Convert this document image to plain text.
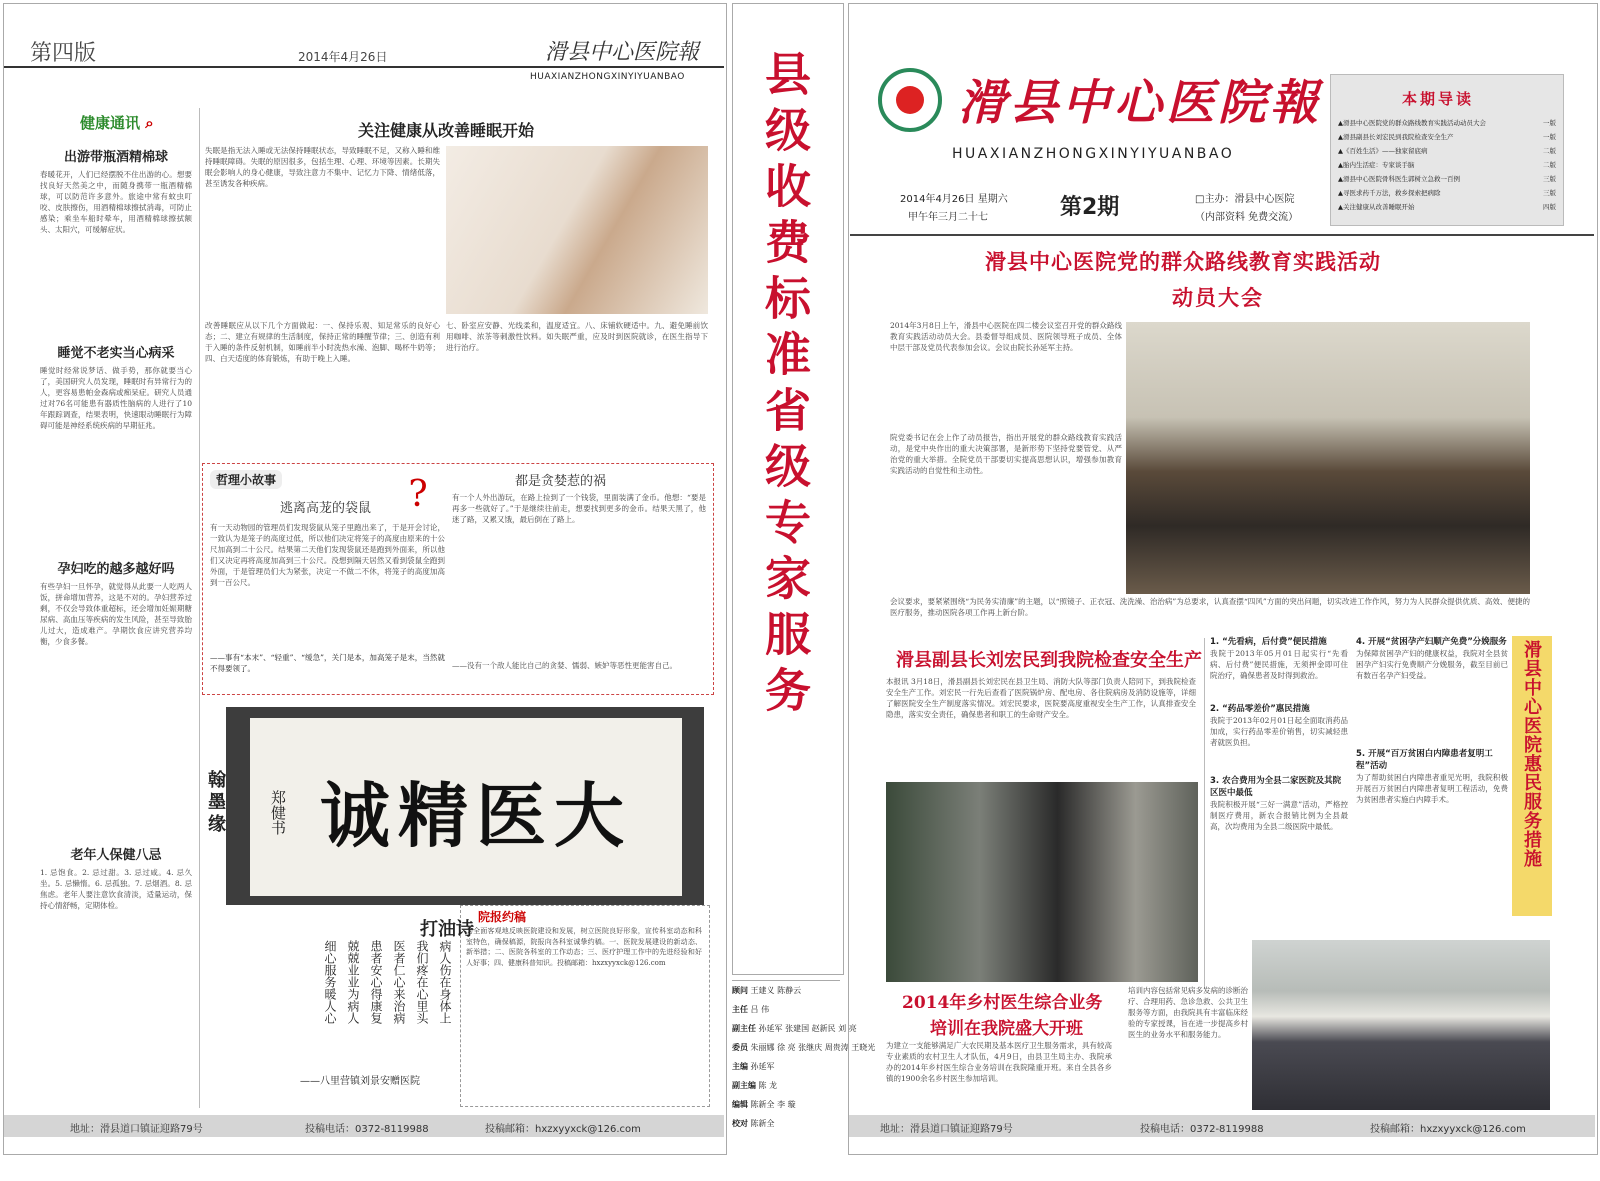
第四版	2014年4月26日	滑县中心医院報
HUAXIANZHONGXINYIYUANBAO
健康通讯 ⌕
出游带瓶酒精棉球
春暖花开，人们已经摆脱不住出游的心。想要找良好天然美之中，而随身携带一瓶酒精棉球，可以防范许多意外。旅途中常有蚊虫叮咬、皮肤擦伤，用酒精棉球擦拭消毒，可防止感染；乘坐车船时晕车，用酒精棉球擦拭额头、太阳穴，可缓解症状。
睡觉不老实当心病采
睡觉时经常说梦话、做手势，那你就要当心了，美国研究人员发现，睡眠时有异常行为的人，更容易患帕金森病或痴呆症。研究人员通过对76名可能患有器质性脑病的人进行了10年跟踪调查，结果表明，快速眼动睡眠行为障碍可能是神经系统疾病的早期征兆。
孕妇吃的越多越好吗
有些孕妇一旦怀孕，就觉得从此要一人吃两人饭，拼命增加营养，这是不对的。孕妇营养过剩，不仅会导致体重超标，还会增加妊娠期糖尿病、高血压等疾病的发生风险，甚至导致胎儿过大，造成难产。孕期饮食应讲究营养均衡，少食多餐。
老年人保健八忌
1. 忌饱食。2. 忌过甜。3. 忌过咸。4. 忌久坐。5. 忌懒惰。6. 忌孤独。7. 忌烟酒。8. 忌焦虑。老年人要注意饮食清淡，适量运动，保持心情舒畅，定期体检。
关注健康从改善睡眠开始
失眠是指无法入睡或无法保持睡眠状态，导致睡眠不足，又称入睡和维持睡眠障碍。失眠的原因很多，包括生理、心理、环境等因素。长期失眠会影响人的身心健康，导致注意力不集中、记忆力下降、情绪低落，甚至诱发各种疾病。
改善睡眠应从以下几个方面做起：一、保持乐观、知足常乐的良好心态；二、建立有规律的生活制度，保持正常的睡醒节律；三、创造有利于入睡的条件反射机制，如睡前半小时洗热水澡、泡脚、喝杯牛奶等；四、白天适度的体育锻炼，有助于晚上入睡。
七、卧室应安静、光线柔和，温度适宜。八、床铺软硬适中。九、避免睡前饮用咖啡、浓茶等刺激性饮料。如失眠严重，应及时到医院就诊，在医生指导下进行治疗。
哲理小故事
逃离高茏的袋鼠	?
有一天动物园的管理员们发现袋鼠从笼子里跑出来了，于是开会讨论，一致认为是笼子的高度过低，所以他们决定将笼子的高度由原来的十公尺加高到二十公尺。结果第二天他们发现袋鼠还是跑到外面来，所以他们又决定再将高度加高到三十公尺。没想到隔天居然又看到袋鼠全跑到外面，于是管理员们大为紧张，决定一不做二不休，将笼子的高度加高到一百公尺。
——事有“本末”、“轻重”、“缓急”，关门是本，加高笼子是末，当然就不得要领了。
都是贪婪惹的祸
有一个人外出游玩，在路上捡到了一个钱袋，里面装满了金币。他想：“要是再多一些就好了。”于是继续往前走，想要找到更多的金币。结果天黑了，他迷了路，又累又饿，最后倒在了路上。
——没有一个敌人能比自己的贪婪、懦弱、嫉妒等恶性更能害自己。
翰墨缘 大医精诚
郑健书
院报约稿
为全面客观地反映医院建设和发展，树立医院良好形象，宣传科室动态和科室特色，确保稿源，院报向各科室诚挚约稿。一、医院发展建设的新动态、新举措；二、医院各科室的工作动态；三、医疗护理工作中的先进经验和好人好事；四、健康科普知识。投稿邮箱：hxzxyyxck@126.com
打油诗
病人伤在身体上
我们疼在心里头
医者仁心来治病
患者安心得康复
兢兢业业为病人
细心服务暖人心
——八里营镇刘景安赠医院
地址：滑县道口镇证迎路79号	投稿电话：0372-8119988	投稿邮箱：hxzxyyxck@126.com
县级收费标准省级专家服务
顾问 王建义 陈静云
主任 吕 伟
副主任 孙延军 张建国 赵新民 刘 亮
委员 朱丽娜 徐 亮 张继庆 周贵涛 王晓光
主编 孙延军
副主编 陈 龙
编辑 陈新全 李 璇
校对 陈新全
滑县中心医院報
HUAXIANZHONGXINYIYUANBAO
2014年4月26日 星期六
甲午年三月二十七	第2期	□主办：滑县中心医院
（内部资料 免费交流）
本期导读
▲滑县中心医院党的群众路线教育实践活动动员大会	一版
▲滑县副县长刘宏民到我院检查安全生产	一版
▲《百姓生活》——独家留底病	二版
▲胎内生活症：专家谈手脑	二版
▲滑县中心医院骨科医生郭树立急救一百例	三版
▲寻医求药千万法，救乡探索把病除	三版
▲关注健康从改善睡眠开始	四版
滑县中心医院党的群众路线教育实践活动
动员大会
2014年3月8日上午，滑县中心医院在四二楼会议室召开党的群众路线教育实践活动动员大会。县委督导组成员、医院领导班子成员、全体中层干部及党员代表参加会议。会议由院长孙延军主持。
院党委书记在会上作了动员报告，指出开展党的群众路线教育实践活动，是党中央作出的重大决策部署，是新形势下坚持党要管党、从严治党的重大举措。全院党员干部要切实提高思想认识，增强参加教育实践活动的自觉性和主动性。
会议要求，要紧紧围绕“为民务实清廉”的主题，以“照镜子、正衣冠、洗洗澡、治治病”为总要求，认真查摆“四风”方面的突出问题，切实改进工作作风，努力为人民群众提供优质、高效、便捷的医疗服务，推动医院各项工作再上新台阶。
滑县副县长刘宏民到我院检查安全生产
本报讯 3月18日，滑县副县长刘宏民在县卫生局、消防大队等部门负责人陪同下，到我院检查安全生产工作。刘宏民一行先后查看了医院锅炉房、配电房、各住院病房及消防设施等，详细了解医院安全生产制度落实情况。刘宏民要求，医院要高度重视安全生产工作，认真排查安全隐患，落实安全责任，确保患者和职工的生命财产安全。
1. “先看病，后付费”便民措施
我院于2013年05月01日起实行“先看病、后付费”便民措施，无须押金即可住院治疗，确保患者及时得到救治。
2. “药品零差价”惠民措施
我院于2013年02月01日起全面取消药品加成，实行药品零差价销售，切实减轻患者就医负担。
3. 农合费用为全县二家医院及其院区医中最低
我院积极开展“三好一满意”活动，严格控制医疗费用，新农合报销比例为全县最高，次均费用为全县二级医院中最低。
4. 开展“贫困孕产妇顺产免费”分娩服务
为保障贫困孕产妇的健康权益，我院对全县贫困孕产妇实行免费顺产分娩服务，截至目前已有数百名孕产妇受益。
5. 开展“百万贫困白内障患者复明工程”活动
为了帮助贫困白内障患者重见光明，我院积极开展百万贫困白内障患者复明工程活动，免费为贫困患者实施白内障手术。	滑县中心医院惠民服务措施
2014年乡村医生综合业务
培训在我院盛大开班
为建立一支能够满足广大农民期及基本医疗卫生服务需求，具有较高专业素质的农村卫生人才队伍，4月9日，由县卫生局主办、我院承办的2014年乡村医生综合业务培训在我院隆重开班。来自全县各乡镇的1900余名乡村医生参加培训。
培训内容包括常见病多发病的诊断治疗、合理用药、急诊急救、公共卫生服务等方面，由我院具有丰富临床经验的专家授课，旨在进一步提高乡村医生的业务水平和服务能力。
地址：滑县道口镇证迎路79号	投稿电话：0372-8119988	投稿邮箱：hxzxyyxck@126.com
